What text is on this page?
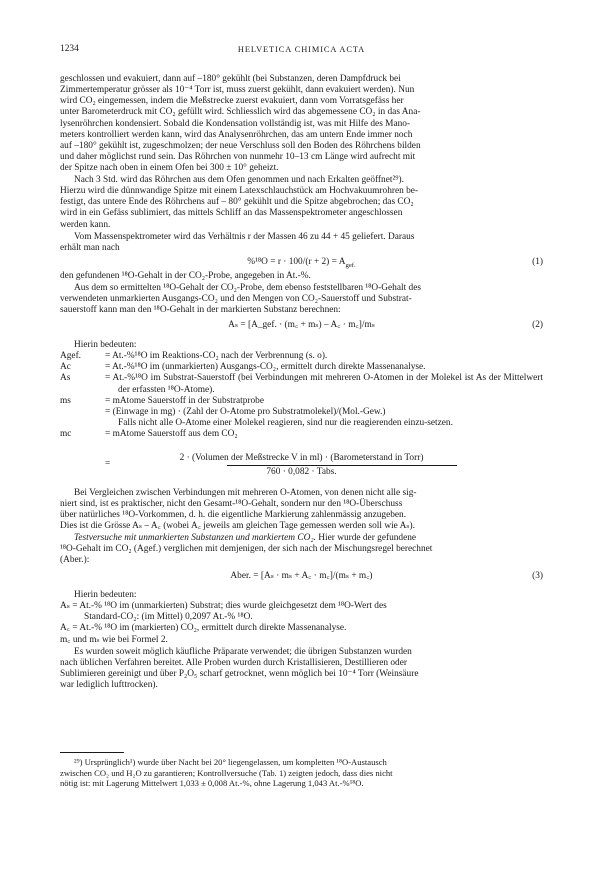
1234	HELVETICA CHIMICA ACTA
geschlossen und evakuiert, dann auf –180° gekühlt (bei Substanzen, deren Dampfdruck bei
Zimmertemperatur grösser als 10⁻⁴ Torr ist, muss zuerst gekühlt, dann evakuiert werden). Nun
wird CO₂ eingemessen, indem die Meßstrecke zuerst evakuiert, dann vom Vorratsgefäss her
unter Barometerdruck mit CO₂ gefüllt wird. Schliesslich wird das abgemessene CO₂ in das Ana-
lysenröhrchen kondensiert. Sobald die Kondensation vollständig ist, was mit Hilfe des Mano-
meters kontrolliert werden kann, wird das Analysenröhrchen, das am untern Ende immer noch
auf –180° gekühlt ist, zugeschmolzen; der neue Verschluss soll den Boden des Röhrchens bilden
und daher möglichst rund sein. Das Röhrchen von nunmehr 10–13 cm Länge wird aufrecht mit
der Spitze nach oben in einem Ofen bei 300 ± 10° geheizt.
Nach 3 Std. wird das Röhrchen aus dem Ofen genommen und nach Erkalten geöffnet²⁹).
Hierzu wird die dünnwandige Spitze mit einem Latexschlauchstück am Hochvakuumrohren be-
festigt, das untere Ende des Röhrchens auf – 80° gekühlt und die Spitze abgebrochen; das CO₂
wird in ein Gefäss sublimiert, das mittels Schliff an das Massenspektrometer angeschlossen
werden kann.
Vom Massenspektrometer wird das Verhältnis r der Massen 46 zu 44 + 45 geliefert. Daraus
erhält man nach
$\%^{18}O = r \cdot 100/(r + 2) = A_{gef.}$	(1)
den gefundenen ¹⁸O-Gehalt in der CO₂-Probe, angegeben in At.-%.
Aus dem so ermittelten ¹⁸O-Gehalt der CO₂-Probe, dem ebenso feststellbaren ¹⁸O-Gehalt des
verwendeten unmarkierten Ausgangs-CO₂ und den Mengen von CO₂-Sauerstoff und Substrat-
sauerstoff kann man den ¹⁸O-Gehalt in der markierten Substanz berechnen:
Aₛ = [A_gef. · (m꜀ + mₛ) – A꜀ · m꜀]/mₛ	(2)
Hierin bedeuten:
Agef.	= At.-%¹⁸O im Reaktions-CO₂ nach der Verbrennung (s. o).
Ac	= At.-%¹⁸O im (unmarkierten) Ausgangs-CO₂, ermittelt durch direkte Massenanalyse.
As	= At.-%¹⁸O im Substrat-Sauerstoff (bei Verbindungen mit mehreren O-Atomen in der Molekel ist As der Mittelwert der erfassten ¹⁸O-Atome).
ms	= mAtome Sauerstoff in der Substratprobe
= (Einwage in mg) · (Zahl der O-Atome pro Substratmolekel)/(Mol.-Gew.)
Falls nicht alle O-Atome einer Molekel reagieren, sind nur die reagierenden einzu-setzen.
mc	= mAtome Sauerstoff aus dem CO₂
2 · (Volumen der Meßstrecke V in ml) · (Barometerstand in Torr)
=
760 · 0,082 · Tabs.
Bei Vergleichen zwischen Verbindungen mit mehreren O-Atomen, von denen nicht alle sig-
niert sind, ist es praktischer, nicht den Gesamt-¹⁸O-Gehalt, sondern nur den ¹⁸O-Überschuss
über natürliches ¹⁸O-Vorkommen, d. h. die eigentliche Markierung zahlenmässig anzugeben.
Dies ist die Grösse Aₛ – A꜀ (wobei A꜀ jeweils am gleichen Tage gemessen werden soll wie Aₛ).
Testversuche mit unmarkierten Substanzen und markiertem CO₂. Hier wurde der gefundene
¹⁸O-Gehalt im CO₂ (Agef.) verglichen mit demjenigen, der sich nach der Mischungsregel berechnet
(Aber.):
Aber. = [Aₛ · mₛ + A꜀ · m꜀]/(mₛ + m꜀)	(3)
Hierin bedeuten:
Aₛ = At.-% ¹⁸O im (unmarkierten) Substrat; dies wurde gleichgesetzt dem ¹⁸O-Wert des
Standard-CO₂: (im Mittel) 0,2097 At.-% ¹⁸O.
A꜀ = At.-% ¹⁸O im (markierten) CO₂, ermittelt durch direkte Massenanalyse.
m꜀ und mₛ wie bei Formel 2.
Es wurden soweit möglich käufliche Präparate verwendet; die übrigen Substanzen wurden
nach üblichen Verfahren bereitet. Alle Proben wurden durch Kristallisieren, Destillieren oder
Sublimieren gereinigt und über P₂O₅ scharf getrocknet, wenn möglich bei 10⁻⁴ Torr (Weinsäure
war lediglich lufttrocken).
²⁹) Ursprünglich¹) wurde über Nacht bei 20° liegengelassen, um kompletten ¹⁸O-Austausch
zwischen CO₂ und H₂O zu garantieren; Kontrollversuche (Tab. 1) zeigten jedoch, dass dies nicht
nötig ist: mit Lagerung Mittelwert 1,033 ± 0,008 At.-%, ohne Lagerung 1,043 At.-%¹⁸O.
